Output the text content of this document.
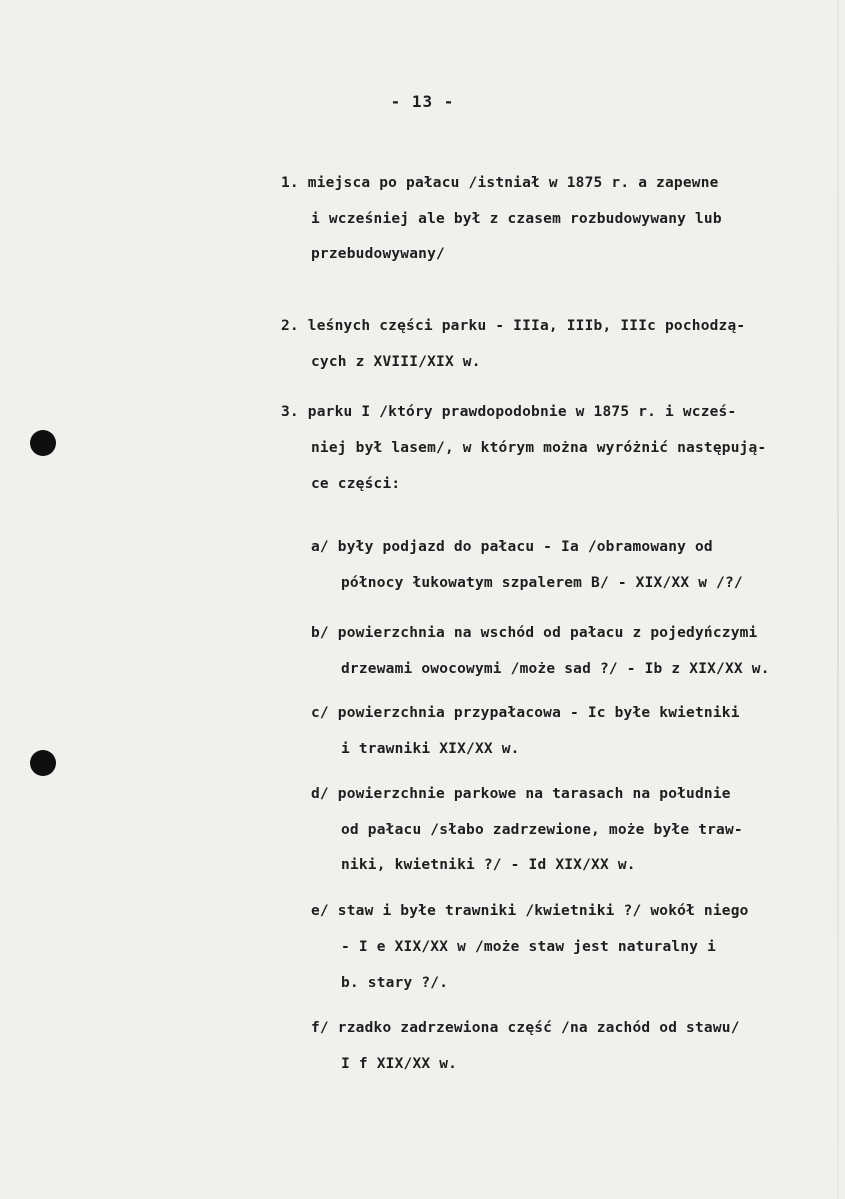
- 13 -
1. miejsca po pałacu /istniał w 1875 r. a zapewne
i wcześniej ale był z czasem rozbudowywany lub
przebudowywany/
2. leśnych części parku - IIIa, IIIb, IIIc pochodzą-
cych z XVIII/XIX w.
3. parku I /który prawdopodobnie w 1875 r. i wcześ-
niej był lasem/, w którym można wyróżnić następują-
ce części:
a/ były podjazd do pałacu - Ia /obramowany od
północy łukowatym szpalerem B/ - XIX/XX w /?/
b/ powierzchnia na wschód od pałacu z pojedyńczymi
drzewami owocowymi /może sad ?/ - Ib z XIX/XX w.
c/ powierzchnia przypałacowa - Ic byłe kwietniki
i trawniki XIX/XX w.
d/ powierzchnie parkowe na tarasach na południe
od pałacu /słabo zadrzewione, może byłe traw-
niki, kwietniki ?/ - Id XIX/XX w.
e/ staw i byłe trawniki /kwietniki ?/ wokół niego
- I e XIX/XX w /może staw jest naturalny i
b. stary ?/.
f/ rzadko zadrzewiona część /na zachód od stawu/
I f XIX/XX w.
